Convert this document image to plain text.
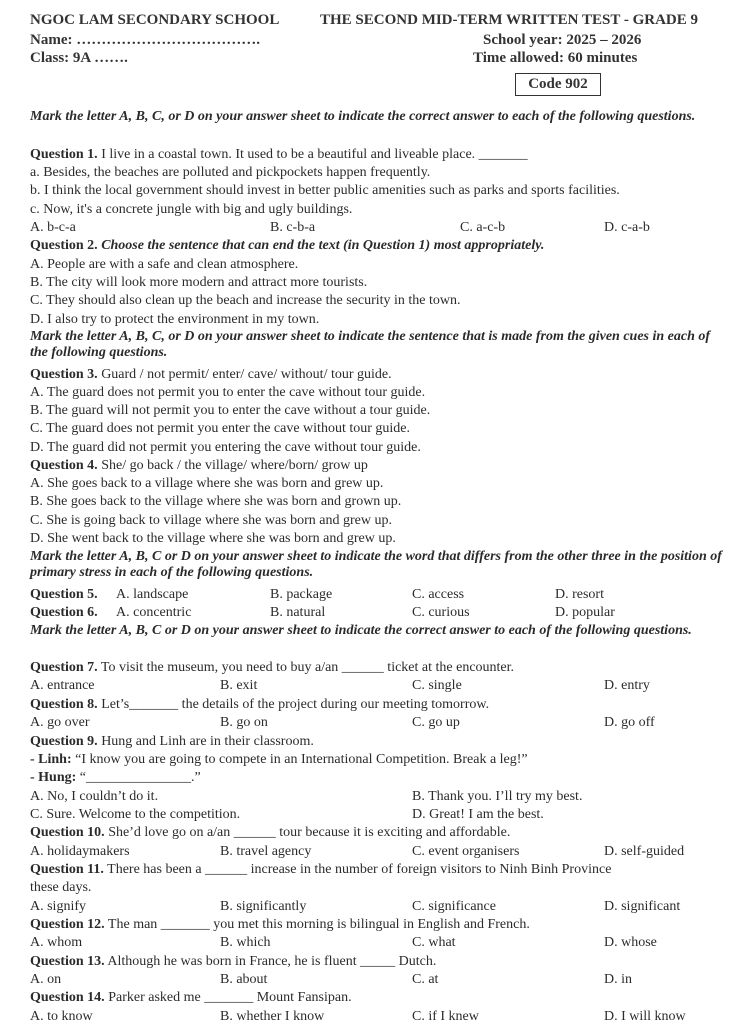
NGOC LAM SECONDARY SCHOOL	THE SECOND MID-TERM WRITTEN TEST - GRADE 9
Name: ……………………………….	School year: 2025 – 2026
Class: 9A …….	Time allowed: 60 minutes
Code 902
Mark the letter A, B, C, or D on your answer sheet to indicate the correct answer to each of the following questions.
Question 1. I live in a coastal town. It used to be a beautiful and liveable place. _______
a. Besides, the beaches are polluted and pickpockets happen frequently.
b. I think the local government should invest in better public amenities such as parks and sports facilities.
c. Now, it's a concrete jungle with big and ugly buildings.
A. b-c-a	B. c-b-a	C. a-c-b	D. c-a-b
Question 2. Choose the sentence that can end the text (in Question 1) most appropriately.
A. People are with a safe and clean atmosphere.
B. The city will look more modern and attract more tourists.
C. They should also clean up the beach and increase the security in the town.
D. I also try to protect the environment in my town.
Mark the letter A, B, C, or D on your answer sheet to indicate the sentence that is made from the given cues in each of the following questions.
Question 3. Guard / not permit/ enter/ cave/ without/ tour guide.
A. The guard does not permit you to enter the cave without tour guide.
B. The guard will not permit you to enter the cave without a tour guide.
C. The guard does not permit you enter the cave without tour guide.
D. The guard did not permit you entering the cave without tour guide.
Question 4. She/ go back / the village/ where/born/ grow up
A. She goes back to a village where she was born and grew up.
B. She goes back to the village where she was born and grown up.
C. She is going back to village where she was born and grew up.
D. She went back to the village where she was born and grew up.
Mark the letter A, B, C or D on your answer sheet to indicate the word that differs from the other three in the position of primary stress in each of the following questions.
Question 5. A. landscape	B. package	C. access	D. resort
Question 6. A. concentric	B. natural	C. curious	D. popular
Mark the letter A, B, C or D on your answer sheet to indicate the correct answer to each of the following questions.
Question 7. To visit the museum, you need to buy a/an ______ ticket at the encounter.
A. entrance	B. exit	C. single	D. entry
Question 8. Let’s_______ the details of the project during our meeting tomorrow.
A. go over	B. go on	C. go up	D. go off
Question 9. Hung and Linh are in their classroom.
- Linh: “I know you are going to compete in an International Competition. Break a leg!”
- Hung: “_______________.”
A. No, I couldn’t do it.	B. Thank you. I’ll try my best.
C. Sure. Welcome to the competition.	D. Great! I am the best.
Question 10. She’d love go on a/an ______ tour because it is exciting and affordable.
A. holidaymakers	B. travel agency	C. event organisers	D. self-guided
Question 11. There has been a ______ increase in the number of foreign visitors to Ninh Binh Province
these days.
A. signify	B. significantly	C. significance	D. significant
Question 12. The man _______ you met this morning is bilingual in English and French.
A. whom	B. which	C. what	D. whose
Question 13. Although he was born in France, he is fluent _____ Dutch.
A. on	B. about	C. at	D. in
Question 14. Parker asked me _______ Mount Fansipan.
A. to know	B. whether I know	C. if I knew	D. I will know
